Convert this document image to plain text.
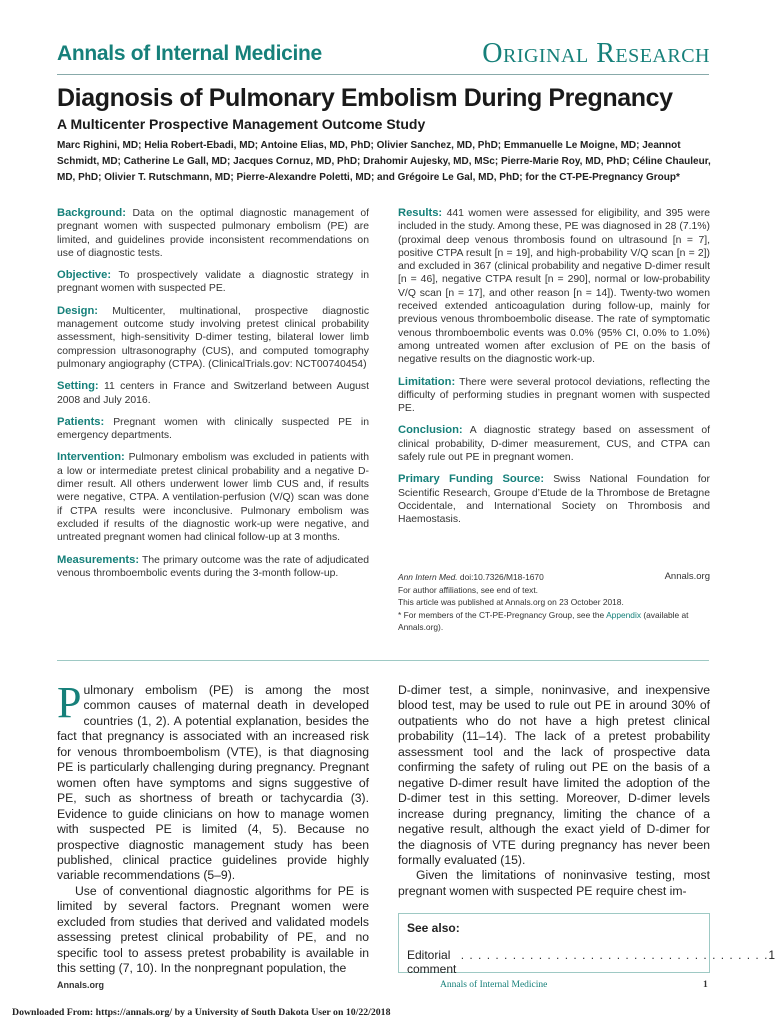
Annals of Internal Medicine	Original Research
Diagnosis of Pulmonary Embolism During Pregnancy
A Multicenter Prospective Management Outcome Study
Marc Righini, MD; Helia Robert-Ebadi, MD; Antoine Elias, MD, PhD; Olivier Sanchez, MD, PhD; Emmanuelle Le Moigne, MD; Jeannot Schmidt, MD; Catherine Le Gall, MD; Jacques Cornuz, MD, PhD; Drahomir Aujesky, MD, MSc; Pierre-Marie Roy, MD, PhD; Céline Chauleur, MD, PhD; Olivier T. Rutschmann, MD; Pierre-Alexandre Poletti, MD; and Grégoire Le Gal, MD, PhD; for the CT-PE-Pregnancy Group*

Background: Data on the optimal diagnostic management of pregnant women with suspected pulmonary embolism (PE) are limited, and guidelines provide inconsistent recommendations on use of diagnostic tests.

Objective: To prospectively validate a diagnostic strategy in pregnant women with suspected PE.

Design: Multicenter, multinational, prospective diagnostic management outcome study involving pretest clinical probability assessment, high-sensitivity D-dimer testing, bilateral lower limb compression ultrasonography (CUS), and computed tomography pulmonary angiography (CTPA). (ClinicalTrials.gov: NCT00740454)

Setting: 11 centers in France and Switzerland between August 2008 and July 2016.

Patients: Pregnant women with clinically suspected PE in emergency departments.

Intervention: Pulmonary embolism was excluded in patients with a low or intermediate pretest clinical probability and a negative D-dimer result. All others underwent lower limb CUS and, if results were negative, CTPA. A ventilation-perfusion (V/Q) scan was done if CTPA results were inconclusive. Pulmonary embolism was excluded if results of the diagnostic work-up were negative, and untreated pregnant women had clinical follow-up at 3 months.

Measurements: The primary outcome was the rate of adjudicated venous thromboembolic events during the 3-month follow-up.

Results: 441 women were assessed for eligibility, and 395 were included in the study. Among these, PE was diagnosed in 28 (7.1%) (proximal deep venous thrombosis found on ultrasound [n = 7], positive CTPA result [n = 19], and high-probability V/Q scan [n = 2]) and excluded in 367 (clinical probability and negative D-dimer result [n = 46], negative CTPA result [n = 290], normal or low-probability V/Q scan [n = 17], and other reason [n = 14]). Twenty-two women received extended anticoagulation during follow-up, mainly for previous venous thromboembolic disease. The rate of symptomatic venous thromboembolic events was 0.0% (95% CI, 0.0% to 1.0%) among untreated women after exclusion of PE on the basis of negative results on the diagnostic work-up.

Limitation: There were several protocol deviations, reflecting the difficulty of performing studies in pregnant women with suspected PE.

Conclusion: A diagnostic strategy based on assessment of clinical probability, D-dimer measurement, CUS, and CTPA can safely rule out PE in pregnant women.

Primary Funding Source: Swiss National Foundation for Scientific Research, Groupe d’Etude de la Thrombose de Bretagne Occidentale, and International Society on Thrombosis and Haemostasis.

Ann Intern Med. doi:10.7326/M18-1670	Annals.org
For author affiliations, see end of text.
This article was published at Annals.org on 23 October 2018.
* For members of the CT-PE-Pregnancy Group, see the Appendix (available at Annals.org).

Pulmonary embolism (PE) is among the most common causes of maternal death in developed countries (1, 2). A potential explanation, besides the fact that pregnancy is associated with an increased risk for venous thromboembolism (VTE), is that diagnosing PE is particularly challenging during pregnancy. Pregnant women often have symptoms and signs suggestive of PE, such as shortness of breath or tachycardia (3). Evidence to guide clinicians on how to manage women with suspected PE is limited (4, 5). Because no prospective diagnostic management study has been published, clinical practice guidelines provide highly variable recommendations (5–9).

Use of conventional diagnostic algorithms for PE is limited by several factors. Pregnant women were excluded from studies that derived and validated models assessing pretest clinical probability of PE, and no specific tool to assess pretest probability is available in this setting (7, 10). In the nonpregnant population, the

D-dimer test, a simple, noninvasive, and inexpensive blood test, may be used to rule out PE in around 30% of outpatients who do not have a high pretest clinical probability (11–14). The lack of a pretest probability assessment tool and the lack of prospective data confirming the safety of ruling out PE on the basis of a negative D-dimer result have limited the adoption of the D-dimer test in this setting. Moreover, D-dimer levels increase during pregnancy, limiting the chance of a negative result, although the exact yield of D-dimer for the diagnosis of VTE during pregnancy has never been formally evaluated (15).

Given the limitations of noninvasive testing, most pregnant women with suspected PE require chest im-

See also:
Editorial comment
. . . . . . . . . . . . . . . . . . . . . . . . . . . . . . . . . . . . 1
Annals.org	Annals of Internal Medicine	1
Downloaded From: https://annals.org/ by a University of South Dakota User on 10/22/2018
